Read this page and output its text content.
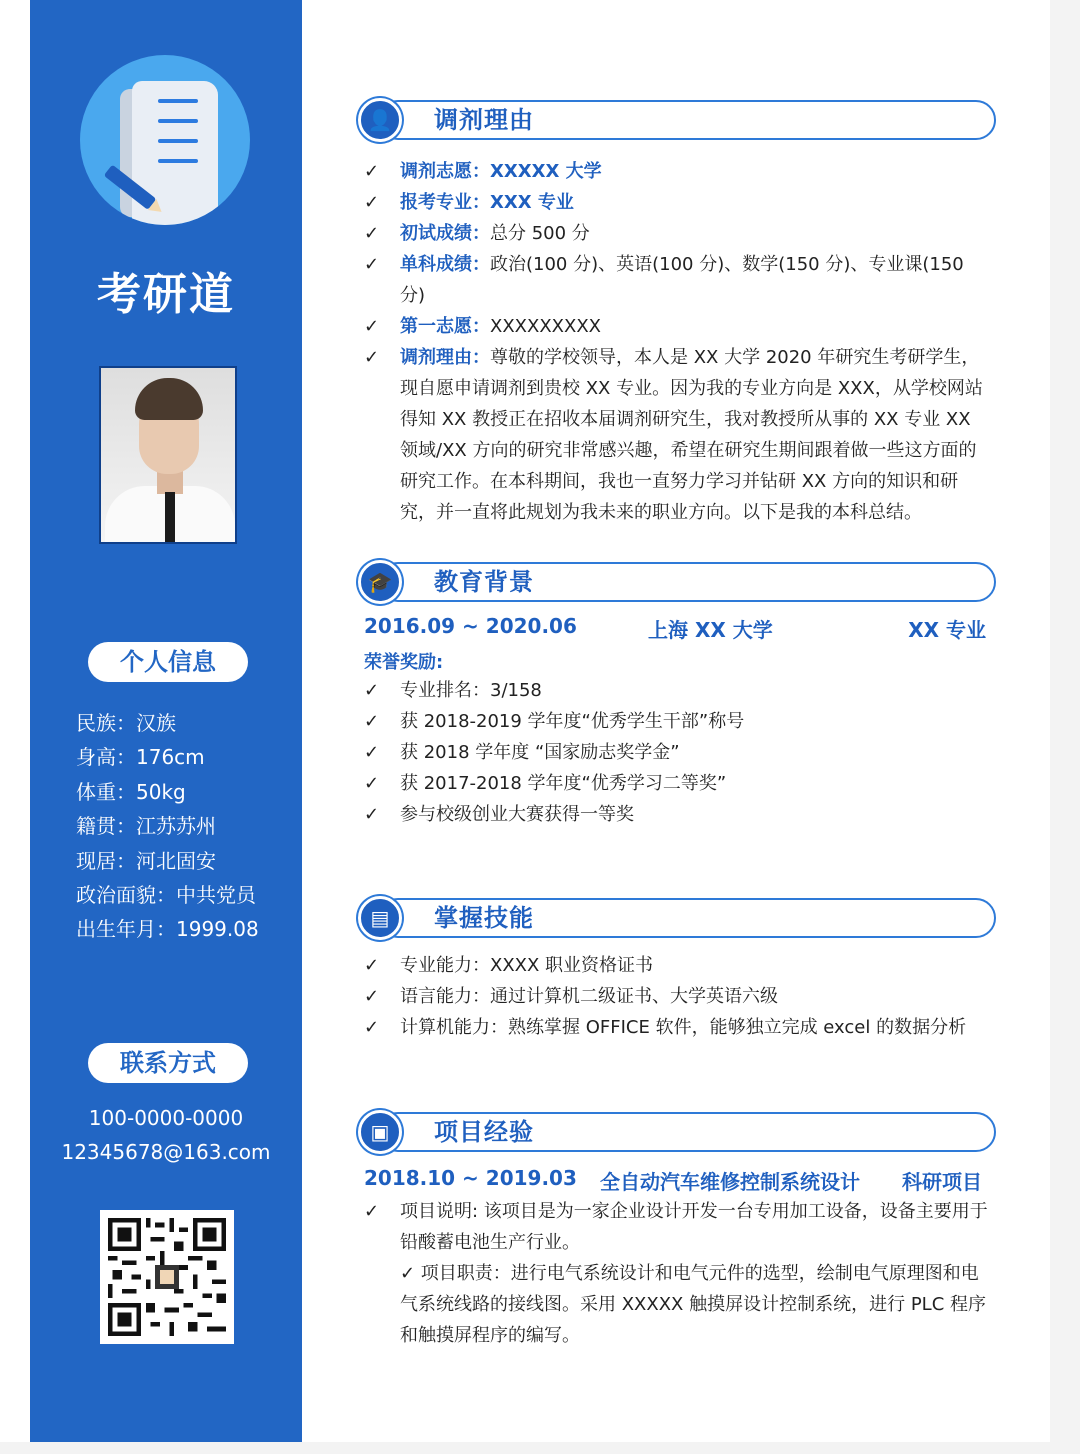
考研道
个人信息
民族：汉族
身高：176cm
体重：50kg
籍贯：江苏苏州
现居：河北固安
政治面貌：中共党员
出生年月：1999.08
联系方式
100-0000-0000
12345678@163.com
👤	调剂理由
✓ 调剂志愿：XXXXX 大学
✓ 报考专业：XXX 专业
✓ 初试成绩：总分 500 分
✓ 单科成绩：政治(100 分)、英语(100 分)、数学(150 分)、专业课(150 分)
✓ 第一志愿：XXXXXXXXX
✓ 调剂理由：尊敬的学校领导，本人是 XX 大学 2020 年研究生考研学生，现自愿申请调剂到贵校 XX 专业。因为我的专业方向是 XXX，从学校网站得知 XX 教授正在招收本届调剂研究生，我对教授所从事的 XX 专业 XX 领域/XX 方向的研究非常感兴趣，希望在研究生期间跟着做一些这方面的研究工作。在本科期间，我也一直努力学习并钻研 XX 方向的知识和研究，并一直将此规划为我未来的职业方向。以下是我的本科总结。
🎓	教育背景
2016.09 ~ 2020.06	上海 XX 大学	XX 专业
荣誉奖励:
✓ 专业排名：3/158
✓ 获 2018-2019 学年度“优秀学生干部”称号
✓ 获 2018 学年度 “国家励志奖学金”
✓ 获 2017-2018 学年度“优秀学习二等奖”
✓ 参与校级创业大赛获得一等奖
▤	掌握技能
✓ 专业能力：XXXX 职业资格证书
✓ 语言能力：通过计算机二级证书、大学英语六级
✓ 计算机能力：熟练掌握 OFFICE 软件，能够独立完成 excel 的数据分析
▣	项目经验
2018.10 ~ 2019.03 全自动汽车维修控制系统设计 科研项目
✓ 项目说明: 该项目是为一家企业设计开发一台专用加工设备，设备主要用于铅酸蓄电池生产行业。
✓ 项目职责：进行电气系统设计和电气元件的选型，绘制电气原理图和电气系统线路的接线图。采用 XXXXX 触摸屏设计控制系统，进行 PLC 程序和触摸屏程序的编写。
